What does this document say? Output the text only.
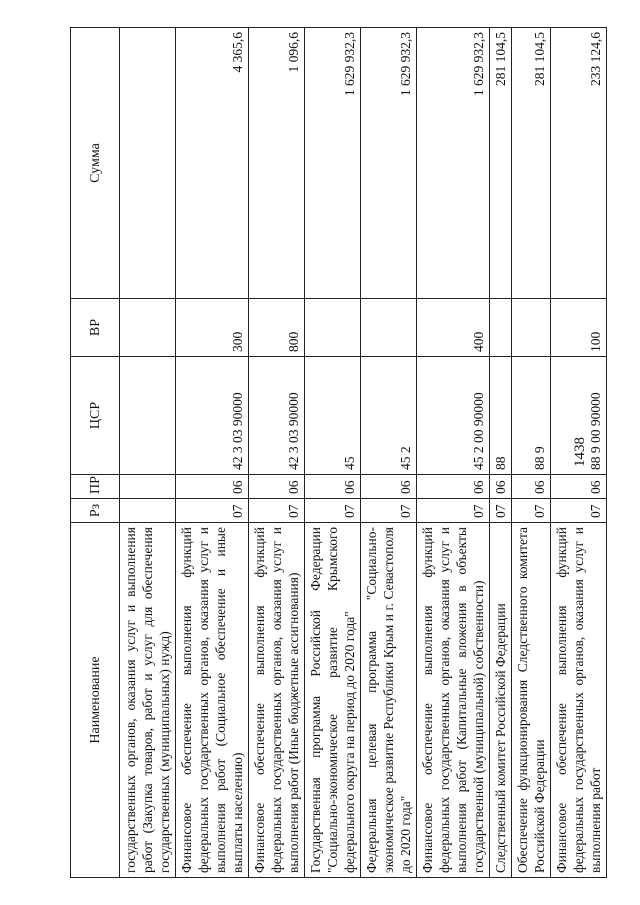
1438
Наименование	Рз	ПР	ЦСР	ВР	Сумма
государственных органов, оказания услуг и выполнения работ (Закупка товаров, работ и услуг для обеспечения государственных (муниципальных) нужд)					
Финансовое обеспечение выполнения функций федеральных государственных органов, оказания услуг и выполнения работ (Социальное обеспечение и иные выплаты населению)	07	06	42 3 03 90000	300	4 365,6
Финансовое обеспечение выполнения функций федеральных государственных органов, оказания услуг и выполнения работ (Иные бюджетные ассигнования)	07	06	42 3 03 90000	800	1 096,6
Государственная программа Российской Федерации "Социально-экономическое развитие Крымского федерального округа на период до 2020 года"	07	06	45		1 629 932,3
Федеральная целевая программа "Социально-экономическое развитие Республики Крым и г. Севастополя до 2020 года"	07	06	45 2		1 629 932,3
Финансовое обеспечение выполнения функций федеральных государственных органов, оказания услуг и выполнения работ (Капитальные вложения в объекты государственной (муниципальной) собственности)	07	06	45 2 00 90000	400	1 629 932,3
Следственный комитет Российской Федерации	07	06	88		281 104,5
Обеспечение функционирования Следственного комитета Российской Федерации	07	06	88 9		281 104,5
Финансовое обеспечение выполнения функций федеральных государственных органов, оказания услуг и выполнения работ	07	06	88 9 00 90000	100	233 124,6
